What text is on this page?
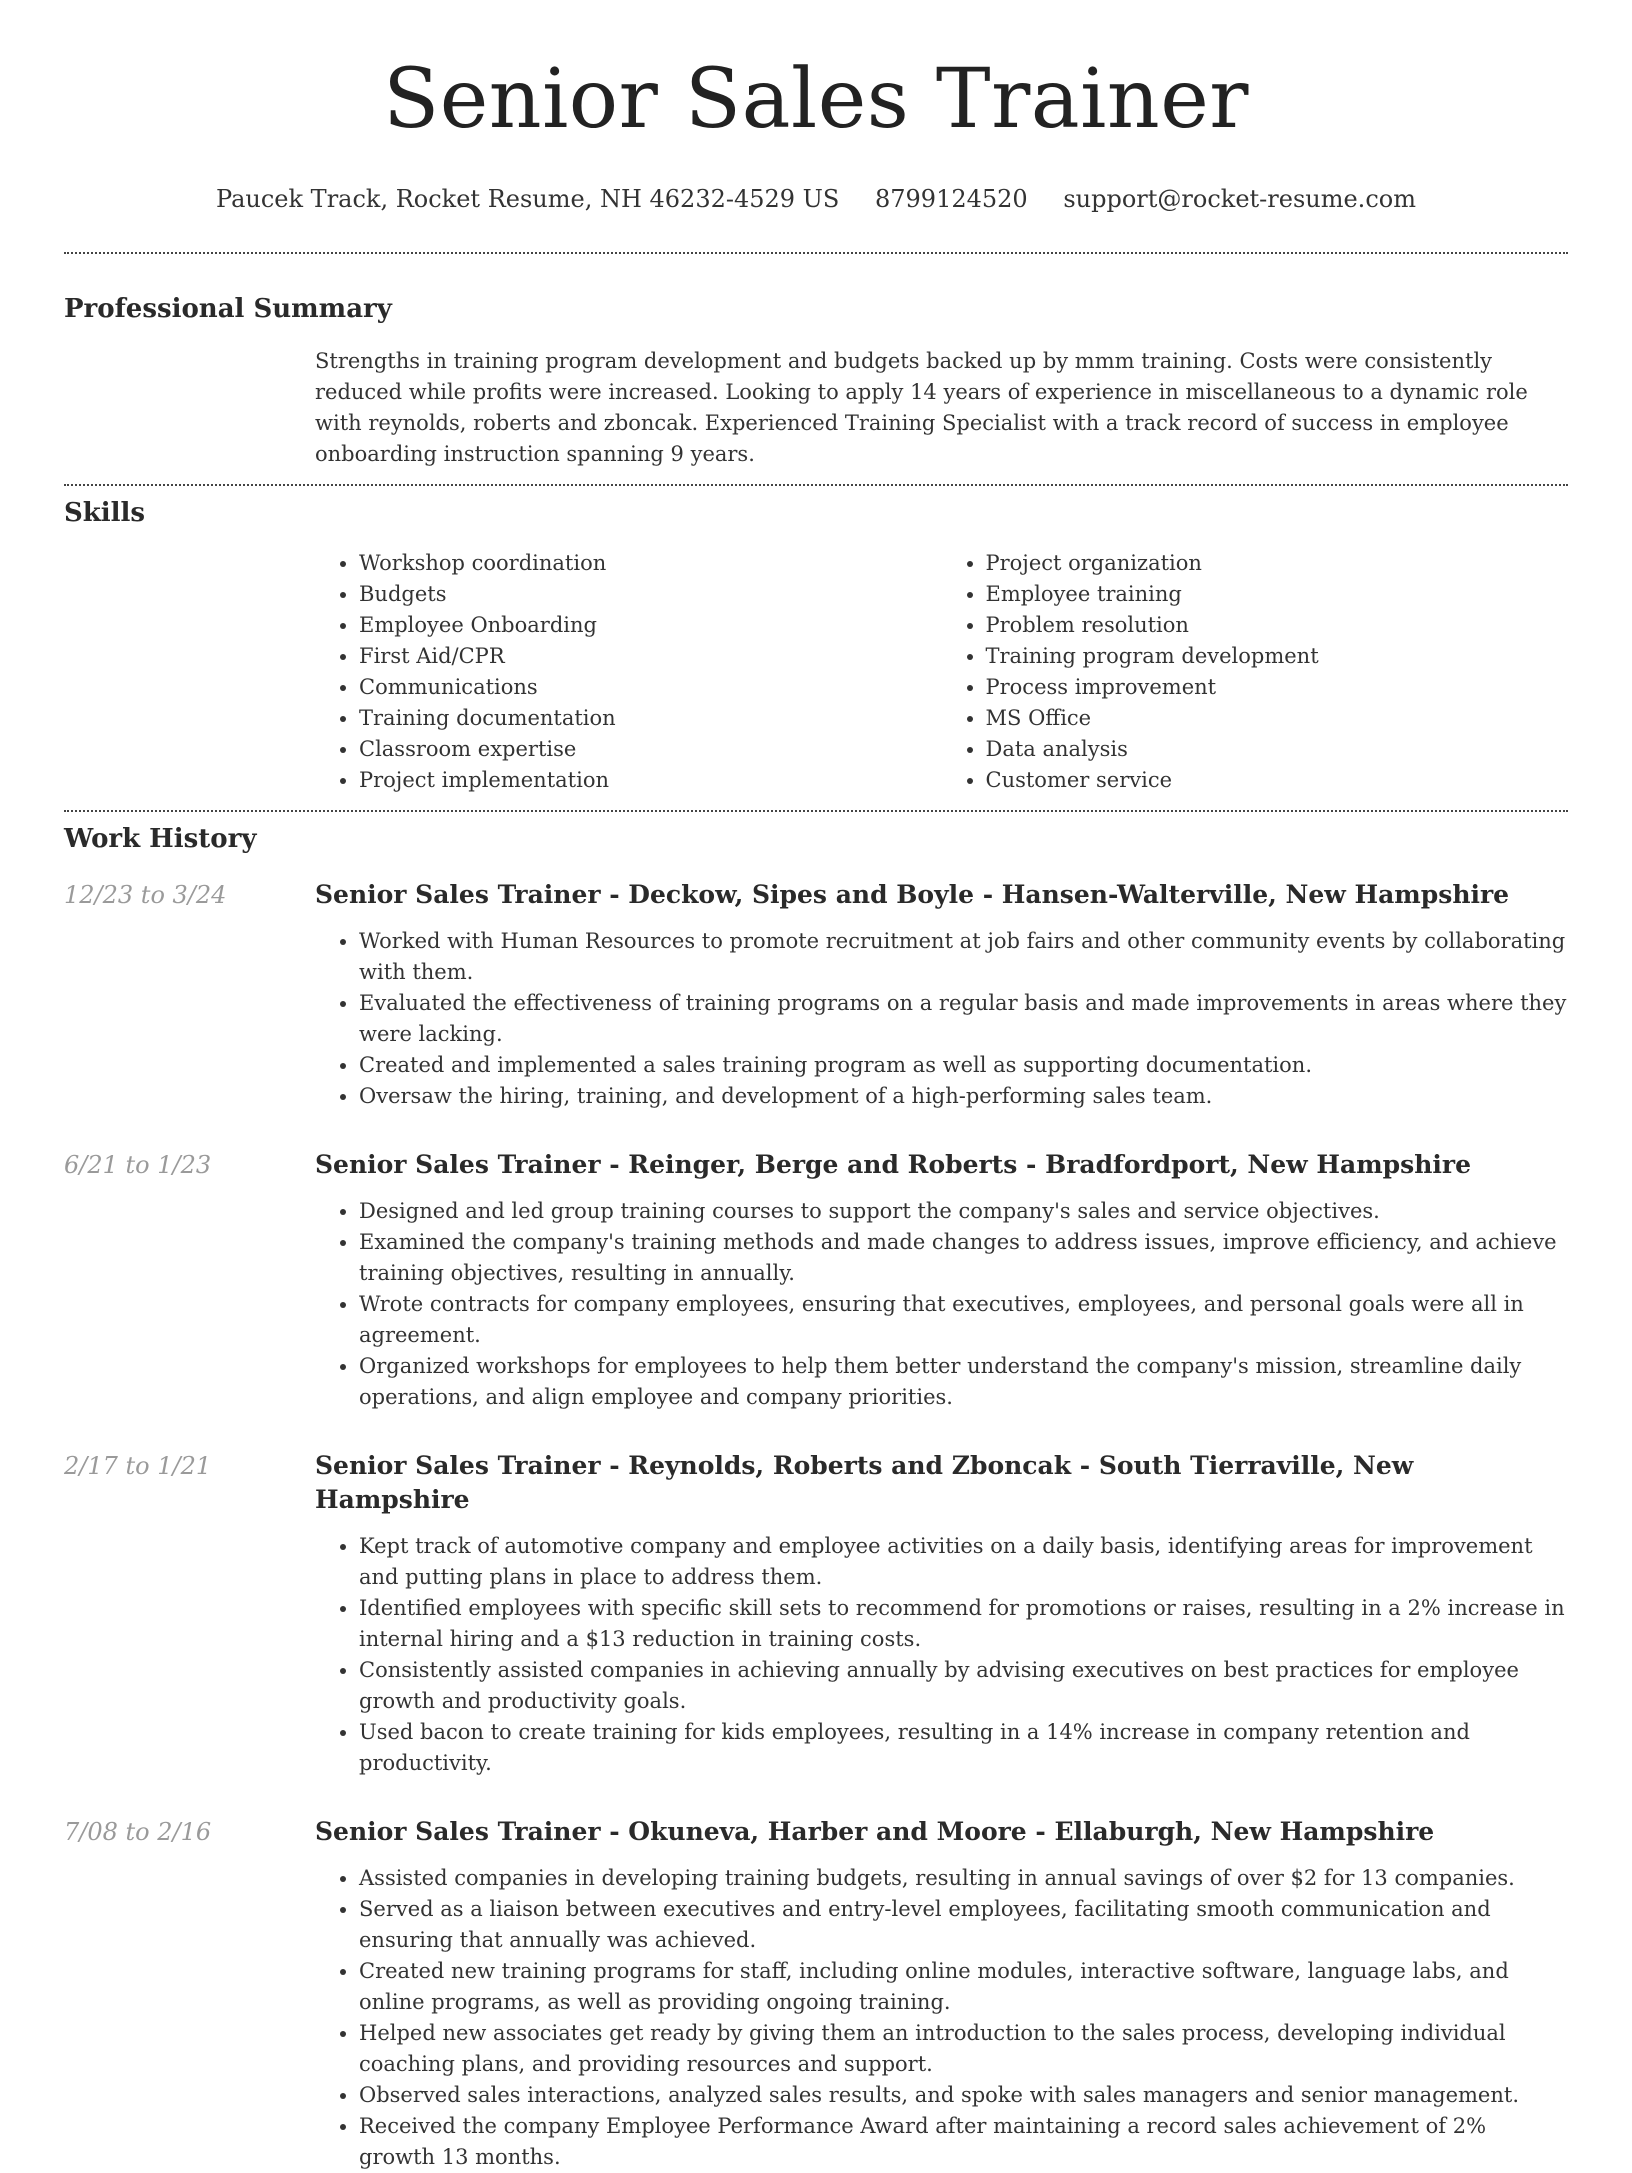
Senior Sales Trainer
Paucek Track, Rocket Resume, NH 46232-4529 US 8799124520 support@rocket-resume.com
Professional Summary
Strengths in training program development and budgets backed up by mmm training. Costs were consistently reduced while profits were increased. Looking to apply 14 years of experience in miscellaneous to a dynamic role with reynolds, roberts and zboncak. Experienced Training Specialist with a track record of success in employee onboarding instruction spanning 9 years.
Skills
• Workshop coordination
• Budgets
• Employee Onboarding
• First Aid/CPR
• Communications
• Training documentation
• Classroom expertise
• Project implementation
• Project organization
• Employee training
• Problem resolution
• Training program development
• Process improvement
• MS Office
• Data analysis
• Customer service
Work History
12/23 to 3/24	Senior Sales Trainer - Deckow, Sipes and Boyle - Hansen-Walterville, New Hampshire
• Worked with Human Resources to promote recruitment at job fairs and other community events by collaborating with them.
• Evaluated the effectiveness of training programs on a regular basis and made improvements in areas where they were lacking.
• Created and implemented a sales training program as well as supporting documentation.
• Oversaw the hiring, training, and development of a high-performing sales team.
6/21 to 1/23	Senior Sales Trainer - Reinger, Berge and Roberts - Bradfordport, New Hampshire
• Designed and led group training courses to support the company's sales and service objectives.
• Examined the company's training methods and made changes to address issues, improve efficiency, and achieve training objectives, resulting in annually.
• Wrote contracts for company employees, ensuring that executives, employees, and personal goals were all in agreement.
• Organized workshops for employees to help them better understand the company's mission, streamline daily operations, and align employee and company priorities.
2/17 to 1/21	Senior Sales Trainer - Reynolds, Roberts and Zboncak - South Tierraville, New Hampshire
• Kept track of automotive company and employee activities on a daily basis, identifying areas for improvement and putting plans in place to address them.
• Identified employees with specific skill sets to recommend for promotions or raises, resulting in a 2% increase in internal hiring and a $13 reduction in training costs.
• Consistently assisted companies in achieving annually by advising executives on best practices for employee growth and productivity goals.
• Used bacon to create training for kids employees, resulting in a 14% increase in company retention and productivity.
7/08 to 2/16	Senior Sales Trainer - Okuneva, Harber and Moore - Ellaburgh, New Hampshire
• Assisted companies in developing training budgets, resulting in annual savings of over $2 for 13 companies.
• Served as a liaison between executives and entry-level employees, facilitating smooth communication and ensuring that annually was achieved.
• Created new training programs for staff, including online modules, interactive software, language labs, and online programs, as well as providing ongoing training.
• Helped new associates get ready by giving them an introduction to the sales process, developing individual coaching plans, and providing resources and support.
• Observed sales interactions, analyzed sales results, and spoke with sales managers and senior management.
• Received the company Employee Performance Award after maintaining a record sales achievement of 2% growth 13 months.
